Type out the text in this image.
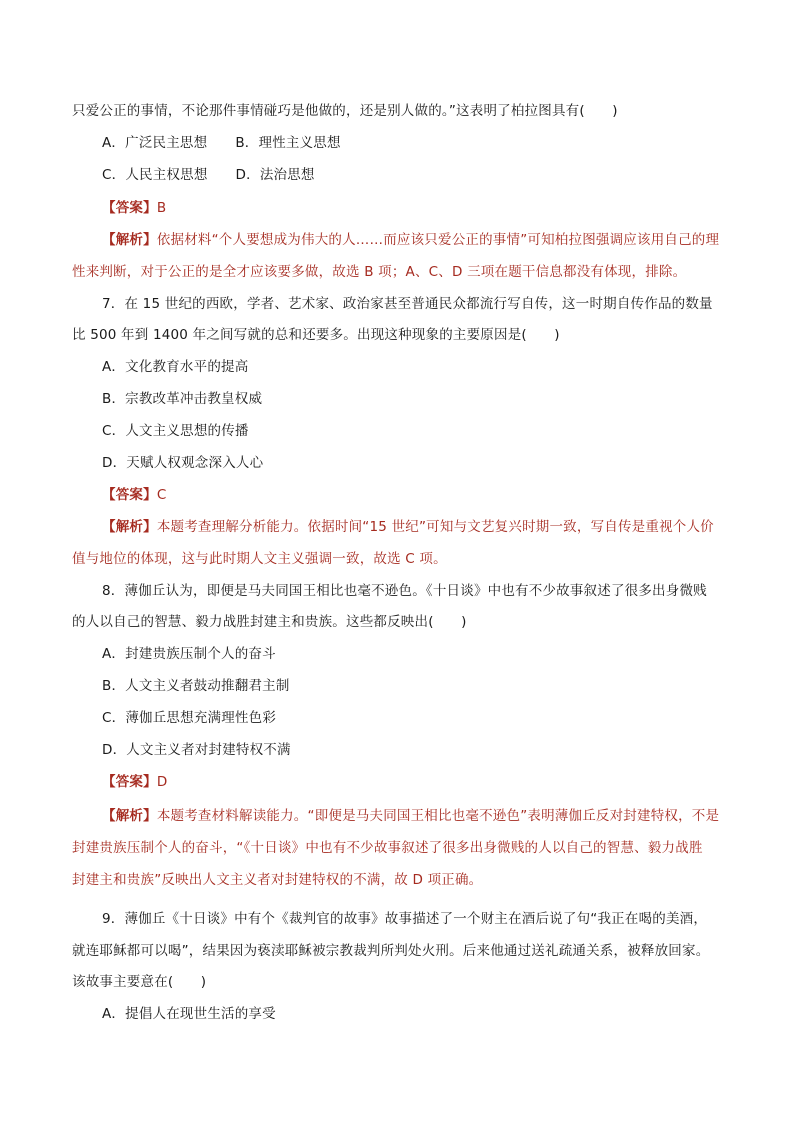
只爱公正的事情，不论那件事情碰巧是他做的，还是别人做的。”这表明了柏拉图具有(　　)
A．广泛民主思想 B．理性主义思想
C．人民主权思想 D．法治思想
【答案】B
【解析】依据材料“个人要想成为伟大的人……而应该只爱公正的事情”可知柏拉图强调应该用自己的理
性来判断，对于公正的是全才应该要多做，故选 B 项；A、C、D 三项在题干信息都没有体现，排除。
7．在 15 世纪的西欧，学者、艺术家、政治家甚至普通民众都流行写自传，这一时期自传作品的数量
比 500 年到 1400 年之间写就的总和还要多。出现这种现象的主要原因是(　　)
A．文化教育水平的提高
B．宗教改革冲击教皇权威
C．人文主义思想的传播
D．天赋人权观念深入人心
【答案】C
【解析】本题考查理解分析能力。依据时间“15 世纪”可知与文艺复兴时期一致，写自传是重视个人价
值与地位的体现，这与此时期人文主义强调一致，故选 C 项。
8．薄伽丘认为，即便是马夫同国王相比也毫不逊色。《十日谈》中也有不少故事叙述了很多出身微贱
的人以自己的智慧、毅力战胜封建主和贵族。这些都反映出(　　)
A．封建贵族压制个人的奋斗
B．人文主义者鼓动推翻君主制
C．薄伽丘思想充满理性色彩
D．人文主义者对封建特权不满
【答案】D
【解析】本题考查材料解读能力。“即便是马夫同国王相比也毫不逊色”表明薄伽丘反对封建特权，不是
封建贵族压制个人的奋斗，“《十日谈》中也有不少故事叙述了很多出身微贱的人以自己的智慧、毅力战胜
封建主和贵族”反映出人文主义者对封建特权的不满，故 D 项正确。
9．薄伽丘《十日谈》中有个《裁判官的故事》故事描述了一个财主在酒后说了句“我正在喝的美酒，
就连耶稣都可以喝”，结果因为亵渎耶稣被宗教裁判所判处火刑。后来他通过送礼疏通关系，被释放回家。
该故事主要意在(　　)
A．提倡人在现世生活的享受
